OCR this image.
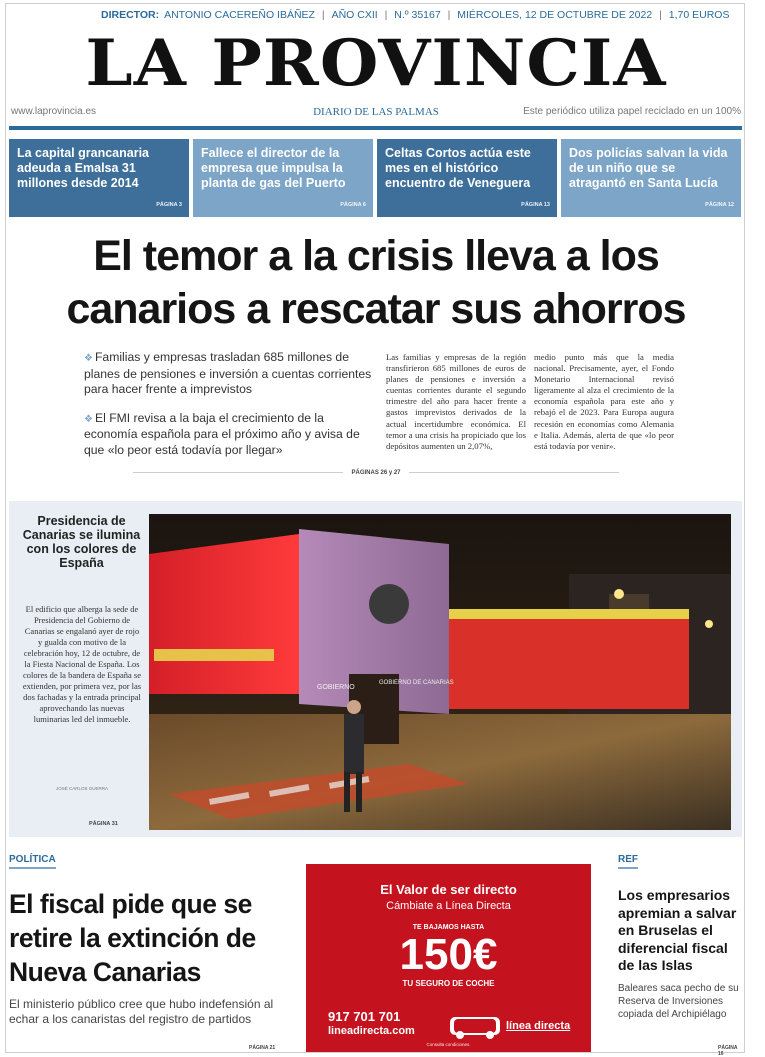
DIRECTOR: ANTONIO CACEREÑO IBÁÑEZ | AÑO CXII | N.º 35167 | MIÉRCOLES, 12 DE OCTUBRE DE 2022 | 1,70 EUROS
LA PROVINCIA
www.laprovincia.es	DIARIO DE LAS PALMAS	Este periódico utiliza papel reciclado en un 100%
La capital grancanaria adeuda a Emalsa 31 millones desde 2014
PÁGINA 3
Fallece el director de la empresa que impulsa la planta de gas del Puerto
PÁGINA 6
Celtas Cortos actúa este mes en el histórico encuentro de Veneguera
PÁGINA 13
Dos policías salvan la vida de un niño que se atragantó en Santa Lucía
PÁGINA 12
El temor a la crisis lleva a los canarios a rescatar sus ahorros
❖ Familias y empresas trasladan 685 millones de planes de pensiones e inversión a cuentas corrientes para hacer frente a imprevistos
❖ El FMI revisa a la baja el crecimiento de la economía española para el próximo año y avisa de que «lo peor está todavía por llegar»
Las familias y empresas de la región transfirieron 685 millones de euros de planes de pensiones e inversión a cuentas corrientes durante el segundo trimestre del año para hacer frente a gastos imprevistos derivados de la actual incertidumbre económica. El temor a una crisis ha propiciado que los depósitos aumenten un 2,07%,
medio punto más que la media nacional. Precisamente, ayer, el Fondo Monetario Internacional revisó ligeramente al alza el crecimiento de la economía española para este año y rebajó el de 2023. Para Europa augura recesión en economías como Alemania e Italia. Además, alerta de que «lo peor está todavía por venir».
PÁGINAS 26 y 27
Presidencia de Canarias se ilumina con los colores de España
El edificio que alberga la sede de Presidencia del Gobierno de Canarias se engalanó ayer de rojo y gualda con motivo de la celebración hoy, 12 de octubre, de la Fiesta Nacional de España. Los colores de la bandera de España se extienden, por primera vez, por las dos fachadas y la entrada principal aprovechando las nuevas luminarias led del inmueble.
JOSÉ CARLOS GUERRA
PÁGINA 31
GOBIERNO
GOBIERNO DE CANARIAS
POLÍTICA
El fiscal pide que se retire la extinción de Nueva Canarias
El ministerio público cree que hubo indefensión al echar a los canaristas del registro de partidos
PÁGINA 21
El Valor de ser directo
Cámbiate a Línea Directa
TE BAJAMOS HASTA
150€
TU SEGURO DE COCHE
917 701 701
lineadirecta.com	línea directa
Consulta condiciones.
REF
Los empresarios apremian a salvar en Bruselas el diferencial fiscal de las Islas
Baleares saca pecho de su Reserva de Inversiones copiada del Archipiélago
PÁGINA 16
